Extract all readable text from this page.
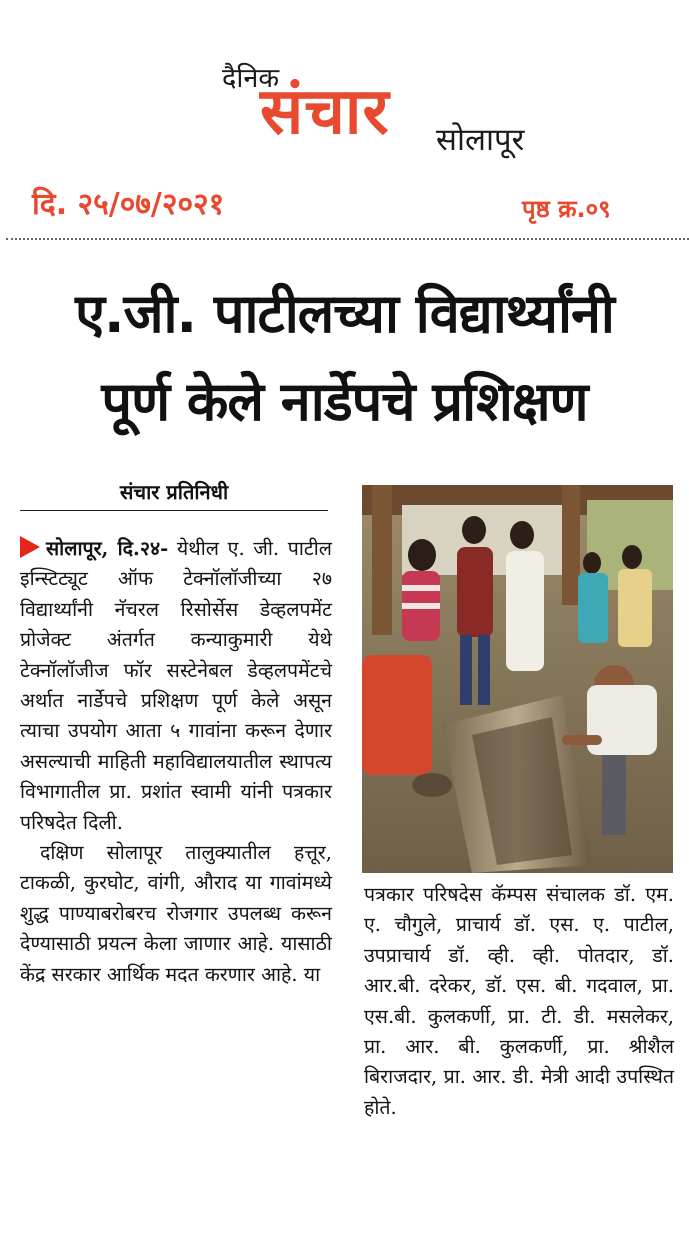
दैनिक
संचार सोलापूर
दि. २५/०७/२०२१	पृष्ठ क्र.०९
ए.जी. पाटीलच्या विद्यार्थ्यांनी
पूर्ण केले नार्डेपचे प्रशिक्षण
संचार प्रतिनिधी

सोलापूर, दि.२४- येथील ए. जी. पाटील इन्स्टिट्यूट ऑफ टेक्नॉलॉजीच्या २७ विद्यार्थ्यांनी नॅचरल रिसोर्सेस डेव्हलपमेंट प्रोजेक्ट अंतर्गत कन्याकुमारी येथे टेक्नॉलॉजीज फॉर सस्टेनेबल डेव्हलपमेंटचे अर्थात नार्डेपचे प्रशिक्षण पूर्ण केले असून त्याचा उपयोग आता ५ गावांना करून देणार असल्याची माहिती महाविद्यालयातील स्थापत्य विभागातील प्रा. प्रशांत स्वामी यांनी पत्रकार परिषदेत दिली.

दक्षिण सोलापूर तालुक्यातील हत्तूर, टाकळी, कुरघोट, वांगी, औराद या गावांमध्ये शुद्ध पाण्याबरोबरच रोजगार उपलब्ध करून देण्यासाठी प्रयत्न केला जाणार आहे. यासाठी केंद्र सरकार आर्थिक मदत करणार आहे. या

पत्रकार परिषदेस कॅम्पस संचालक डॉ. एम. ए. चौगुले, प्राचार्य डॉ. एस. ए. पाटील, उपप्राचार्य डॉ. व्ही. व्ही. पोतदार, डॉ. आर.बी. दरेकर, डॉ. एस. बी. गदवाल, प्रा. एस.बी. कुलकर्णी, प्रा. टी. डी. मसलेकर, प्रा. आर. बी. कुलकर्णी, प्रा. श्रीशैल बिराजदार, प्रा. आर. डी. मेत्री आदी उपस्थित होते.
